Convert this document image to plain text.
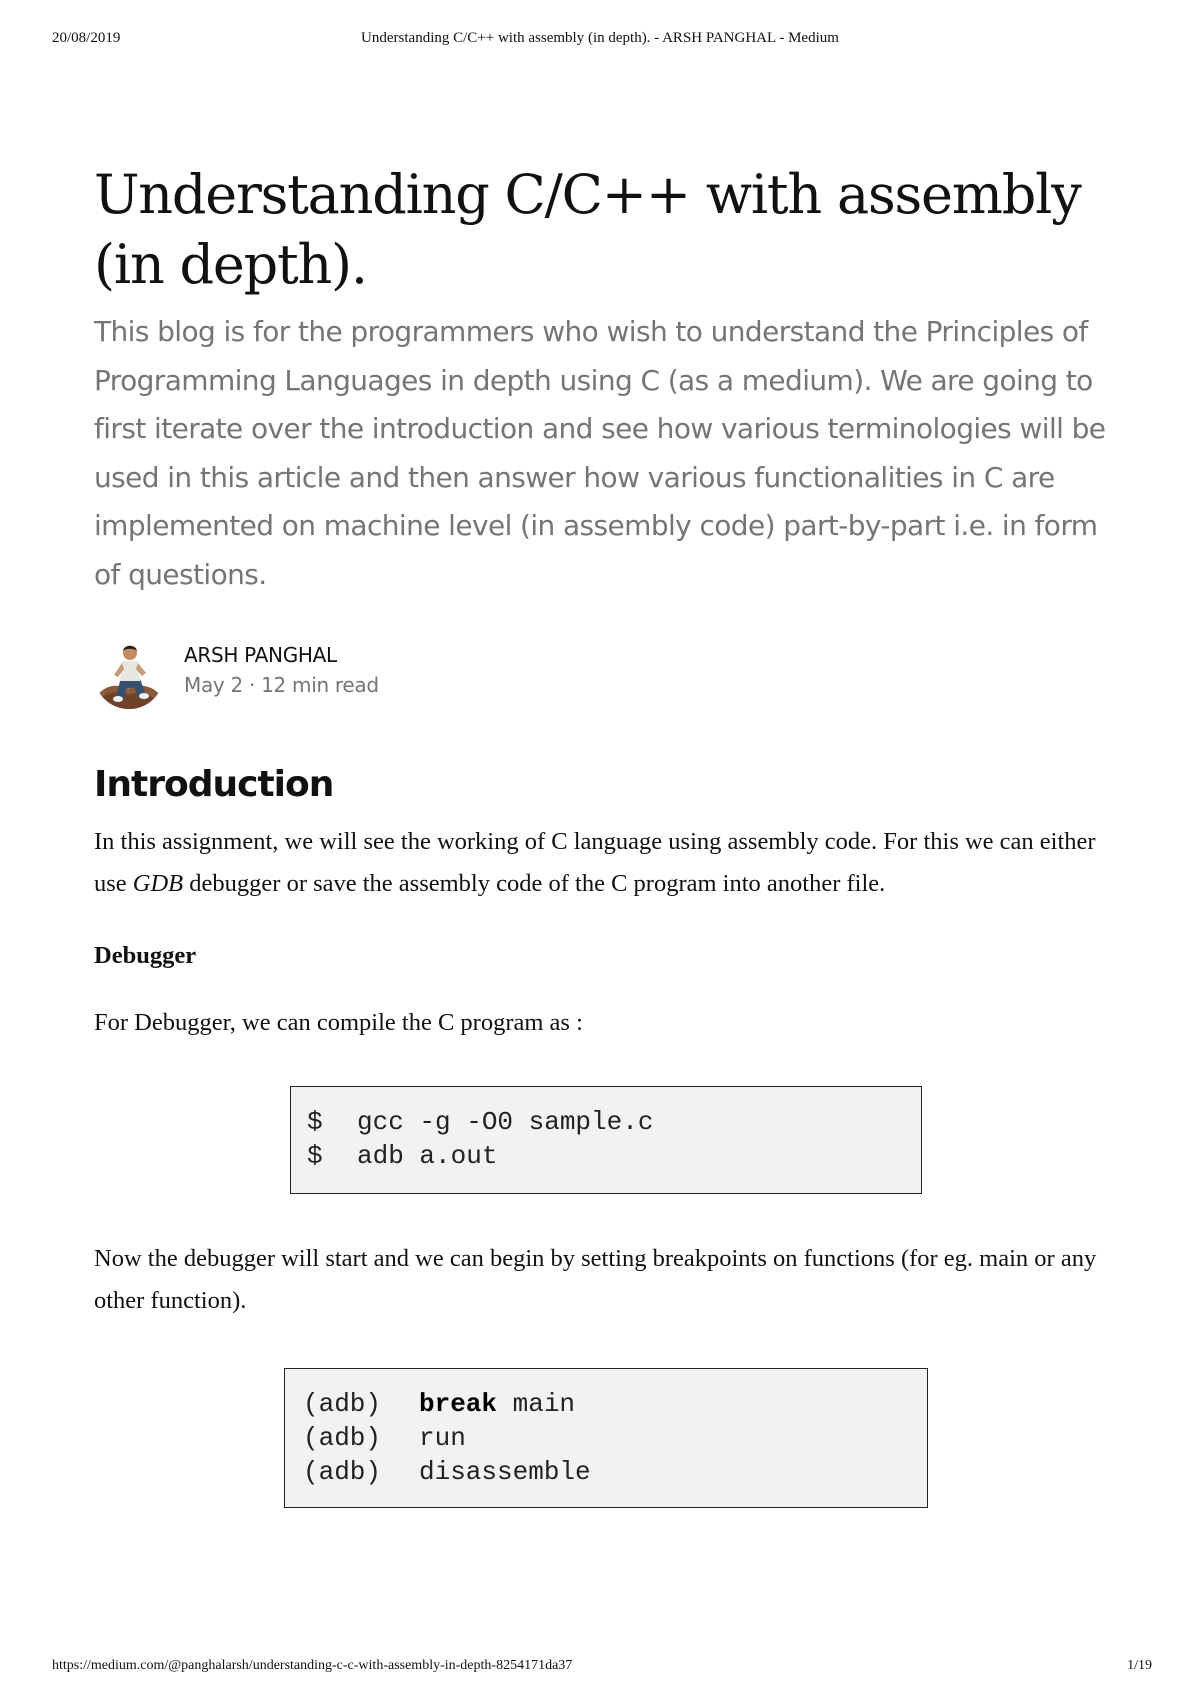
20/08/2019	Understanding C/C++ with assembly (in depth). - ARSH PANGHAL - Medium
Understanding C/C++ with assembly
(in depth).

This blog is for the programmers who wish to understand the Principles of Programming Languages in depth using C (as a medium). We are going to first iterate over the introduction and see how various terminologies will be used in this article and then answer how various functionalities in C are implemented on machine level (in assembly code) part-by-part i.e. in form of questions.

ARSH PANGHAL
May 2 · 12 min read
Introduction

In this assignment, we will see the working of C language using assembly code. For this we can either use GDB debugger or save the assembly code of the C program into another file.

Debugger

For Debugger, we can compile the C program as :

$ gcc -g -O0 sample.c
$ adb a.out

Now the debugger will start and we can begin by setting breakpoints on functions (for eg. main or any other function).

(adb) break main
(adb) run
(adb) disassemble
https://medium.com/@panghalarsh/understanding-c-c-with-assembly-in-depth-8254171da37	1/19
